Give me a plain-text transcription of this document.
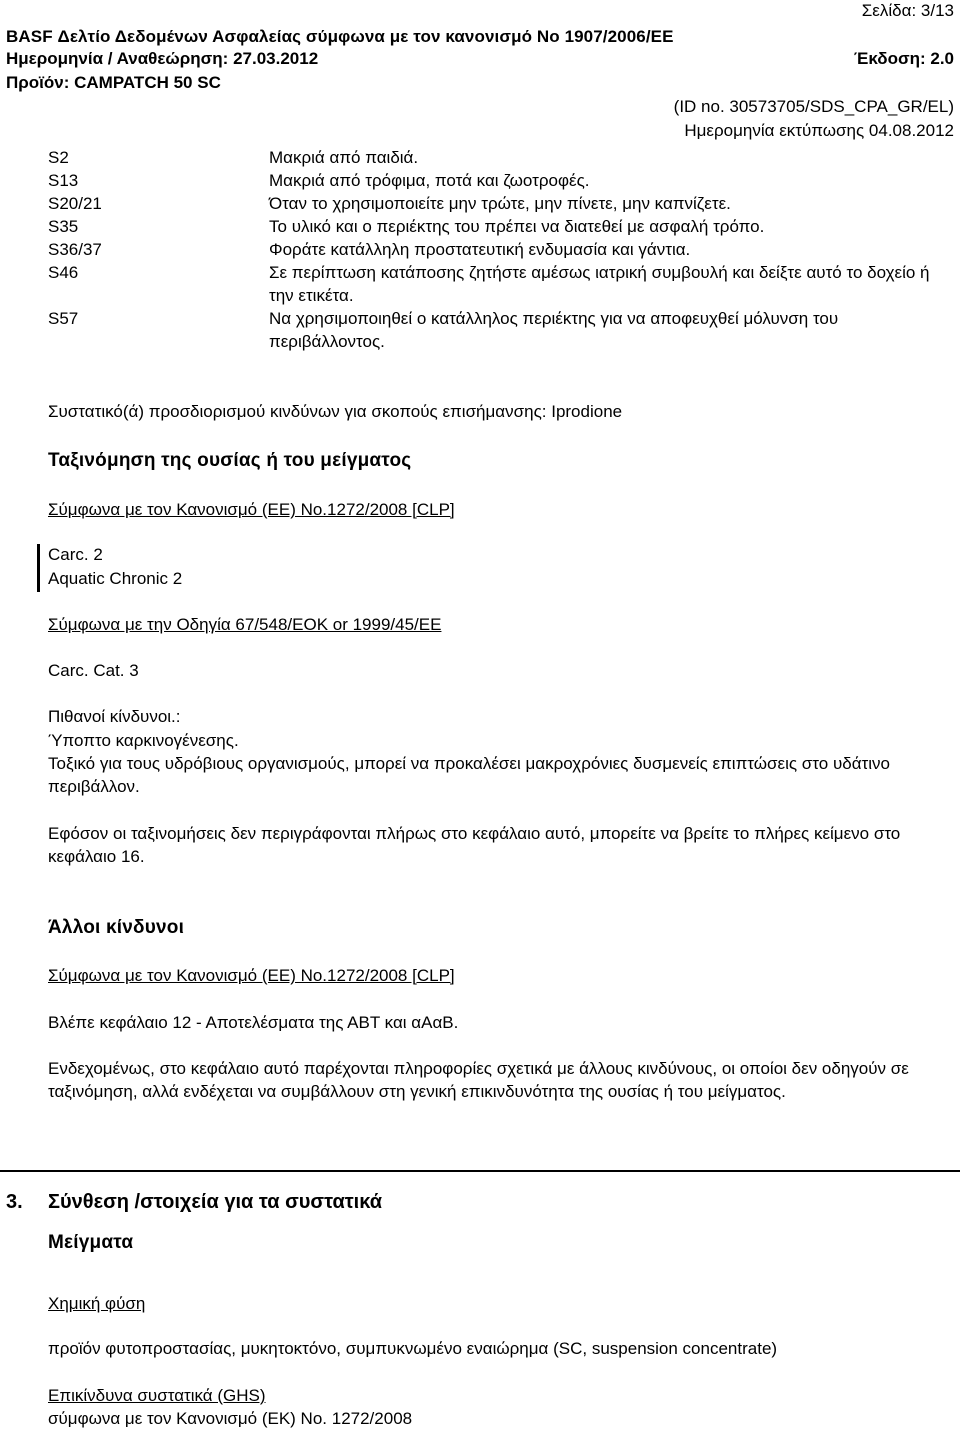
Σελίδα: 3/13
BASF Δελτίο Δεδομένων Ασφαλείας σύμφωνα με τον κανονισμό No 1907/2006/ΕΕ
Ημερομηνία / Αναθεώρηση: 27.03.2012	Έκδοση: 2.0
Προϊόν: CAMPATCH 50 SC
(ID no. 30573705/SDS_CPA_GR/EL)
Ημερομηνία εκτύπωσης 04.08.2012
S2	Μακριά από παιδιά.
S13	Μακριά από τρόφιμα, ποτά και ζωοτροφές.
S20/21	Όταν το χρησιμοποιείτε μην τρώτε, μην πίνετε, μην καπνίζετε.
S35	Το υλικό και ο περιέκτης του πρέπει να διατεθεί με ασφαλή τρόπο.
S36/37	Φοράτε κατάλληλη προστατευτική ενδυμασία και γάντια.
S46	Σε περίπτωση κατάποσης ζητήστε αμέσως ιατρική συμβουλή και δείξτε αυτό το δοχείο ή την ετικέτα.
S57	Να χρησιμοποιηθεί ο κατάλληλος περιέκτης για να αποφευχθεί μόλυνση του περιβάλλοντος.
Συστατικό(ά) προσδιορισμού κινδύνων για σκοπούς επισήμανσης: Iprodione
Ταξινόμηση της ουσίας ή του μείγματος
Σύμφωνα με τον Κανονισμό (ΕΕ) No.1272/2008 [CLP]
Carc. 2
Aquatic Chronic 2
Σύμφωνα με την Οδηγία 67/548/ΕΟΚ or 1999/45/ΕΕ
Carc. Cat. 3
Πιθανοί κίνδυνοι.:
Ύποπτο καρκινογένεσης.
Τοξικό για τους υδρόβιους οργανισμούς, μπορεί να προκαλέσει μακροχρόνιες δυσμενείς επιπτώσεις στο υδάτινο περιβάλλον.
Εφόσον οι ταξινομήσεις δεν περιγράφονται πλήρως στο κεφάλαιο αυτό, μπορείτε να βρείτε το πλήρες κείμενο στο κεφάλαιο 16.
Άλλοι κίνδυνοι
Σύμφωνα με τον Κανονισμό (ΕΕ) No.1272/2008 [CLP]
Βλέπε κεφάλαιο 12 - Αποτελέσματα της ΑΒΤ και αΑαΒ.
Ενδεχομένως, στο κεφάλαιο αυτό παρέχονται πληροφορίες σχετικά με άλλους κινδύνους, οι οποίοι δεν οδηγούν σε ταξινόμηση, αλλά ενδέχεται να συμβάλλουν στη γενική επικινδυνότητα της ουσίας ή του μείγματος.
3. Σύνθεση /στοιχεία για τα συστατικά
Μείγματα
Χημική φύση
προϊόν φυτοπροστασίας, μυκητοκτόνο, συμπυκνωμένο εναιώρημα (SC, suspension concentrate)
Επικίνδυνα συστατικά (GHS)
σύμφωνα με τον Κανονισμό (ΕΚ) No. 1272/2008
